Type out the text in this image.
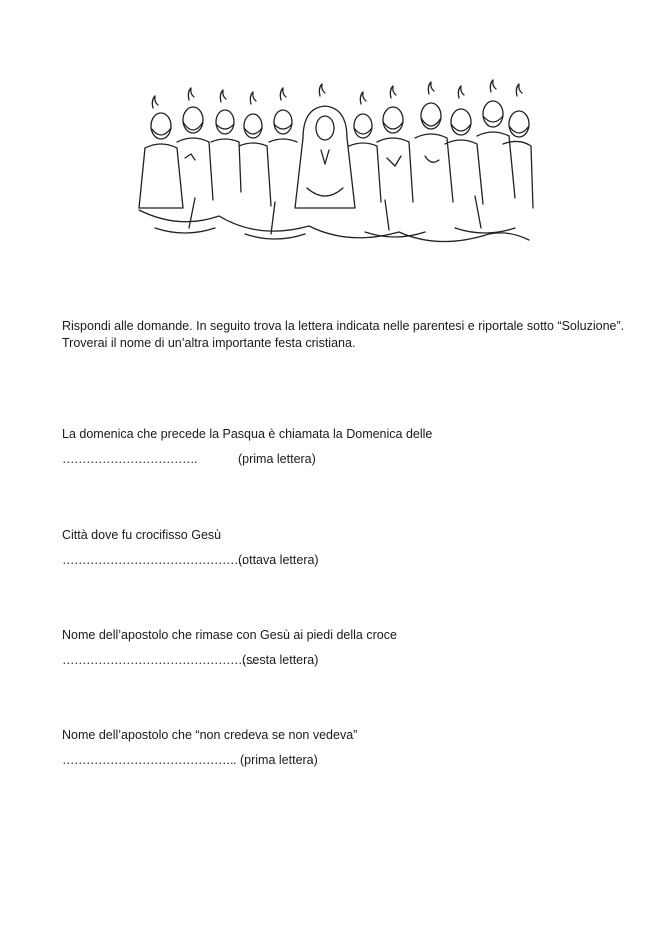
Rispondi alle domande. In seguito trova la lettera indicata nelle parentesi e riportale sotto “Soluzione”.
Troverai il nome di un’altra importante festa cristiana.
La domenica che precede la Pasqua è chiamata la Domenica delle
…………………………….	(prima lettera)
Città dove fu crocifisso Gesù
……………………………………….
(ottava lettera)
Nome dell’apostolo che rimase con Gesù ai piedi della croce
………………………………………….
(sesta lettera)
Nome dell’apostolo che “non credeva se non vedeva”
…………………………………….. (prima lettera)
